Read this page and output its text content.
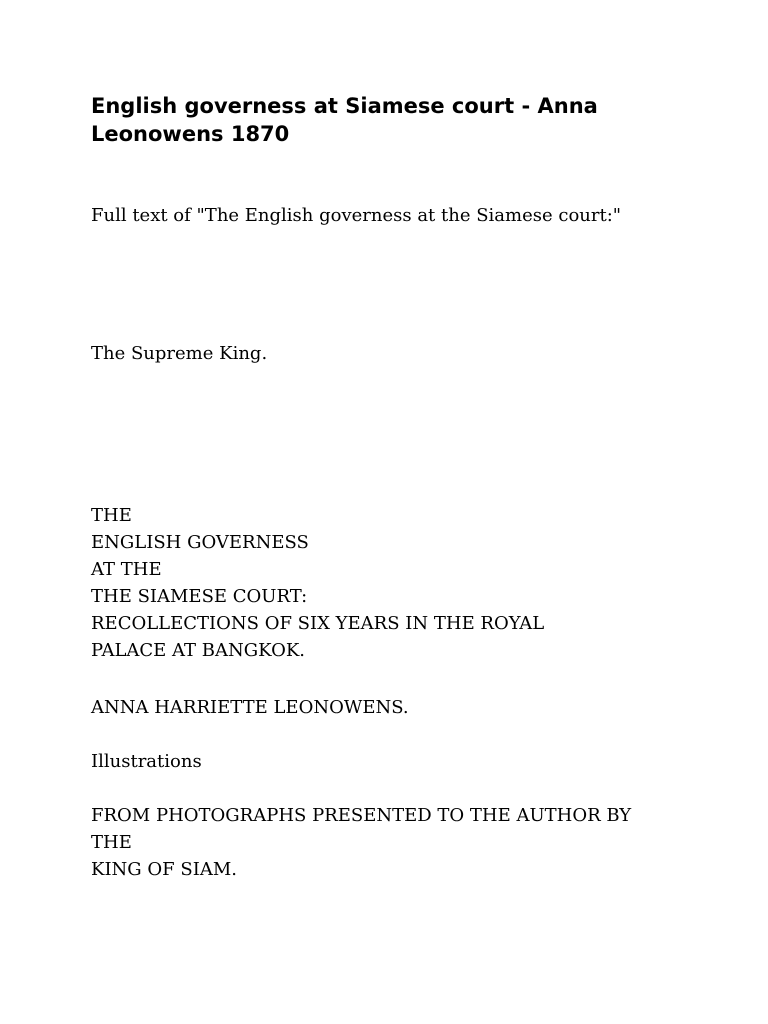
English governess at Siamese court - Anna
Leonowens 1870

Full text of "The English governess at the Siamese court:"

The Supreme King.

THE
ENGLISH GOVERNESS
AT THE
THE SIAMESE COURT:
RECOLLECTIONS OF SIX YEARS IN THE ROYAL
PALACE AT BANGKOK.

ANNA HARRIETTE LEONOWENS.

Illustrations

FROM PHOTOGRAPHS PRESENTED TO THE AUTHOR BY
THE
KING OF SIAM.
